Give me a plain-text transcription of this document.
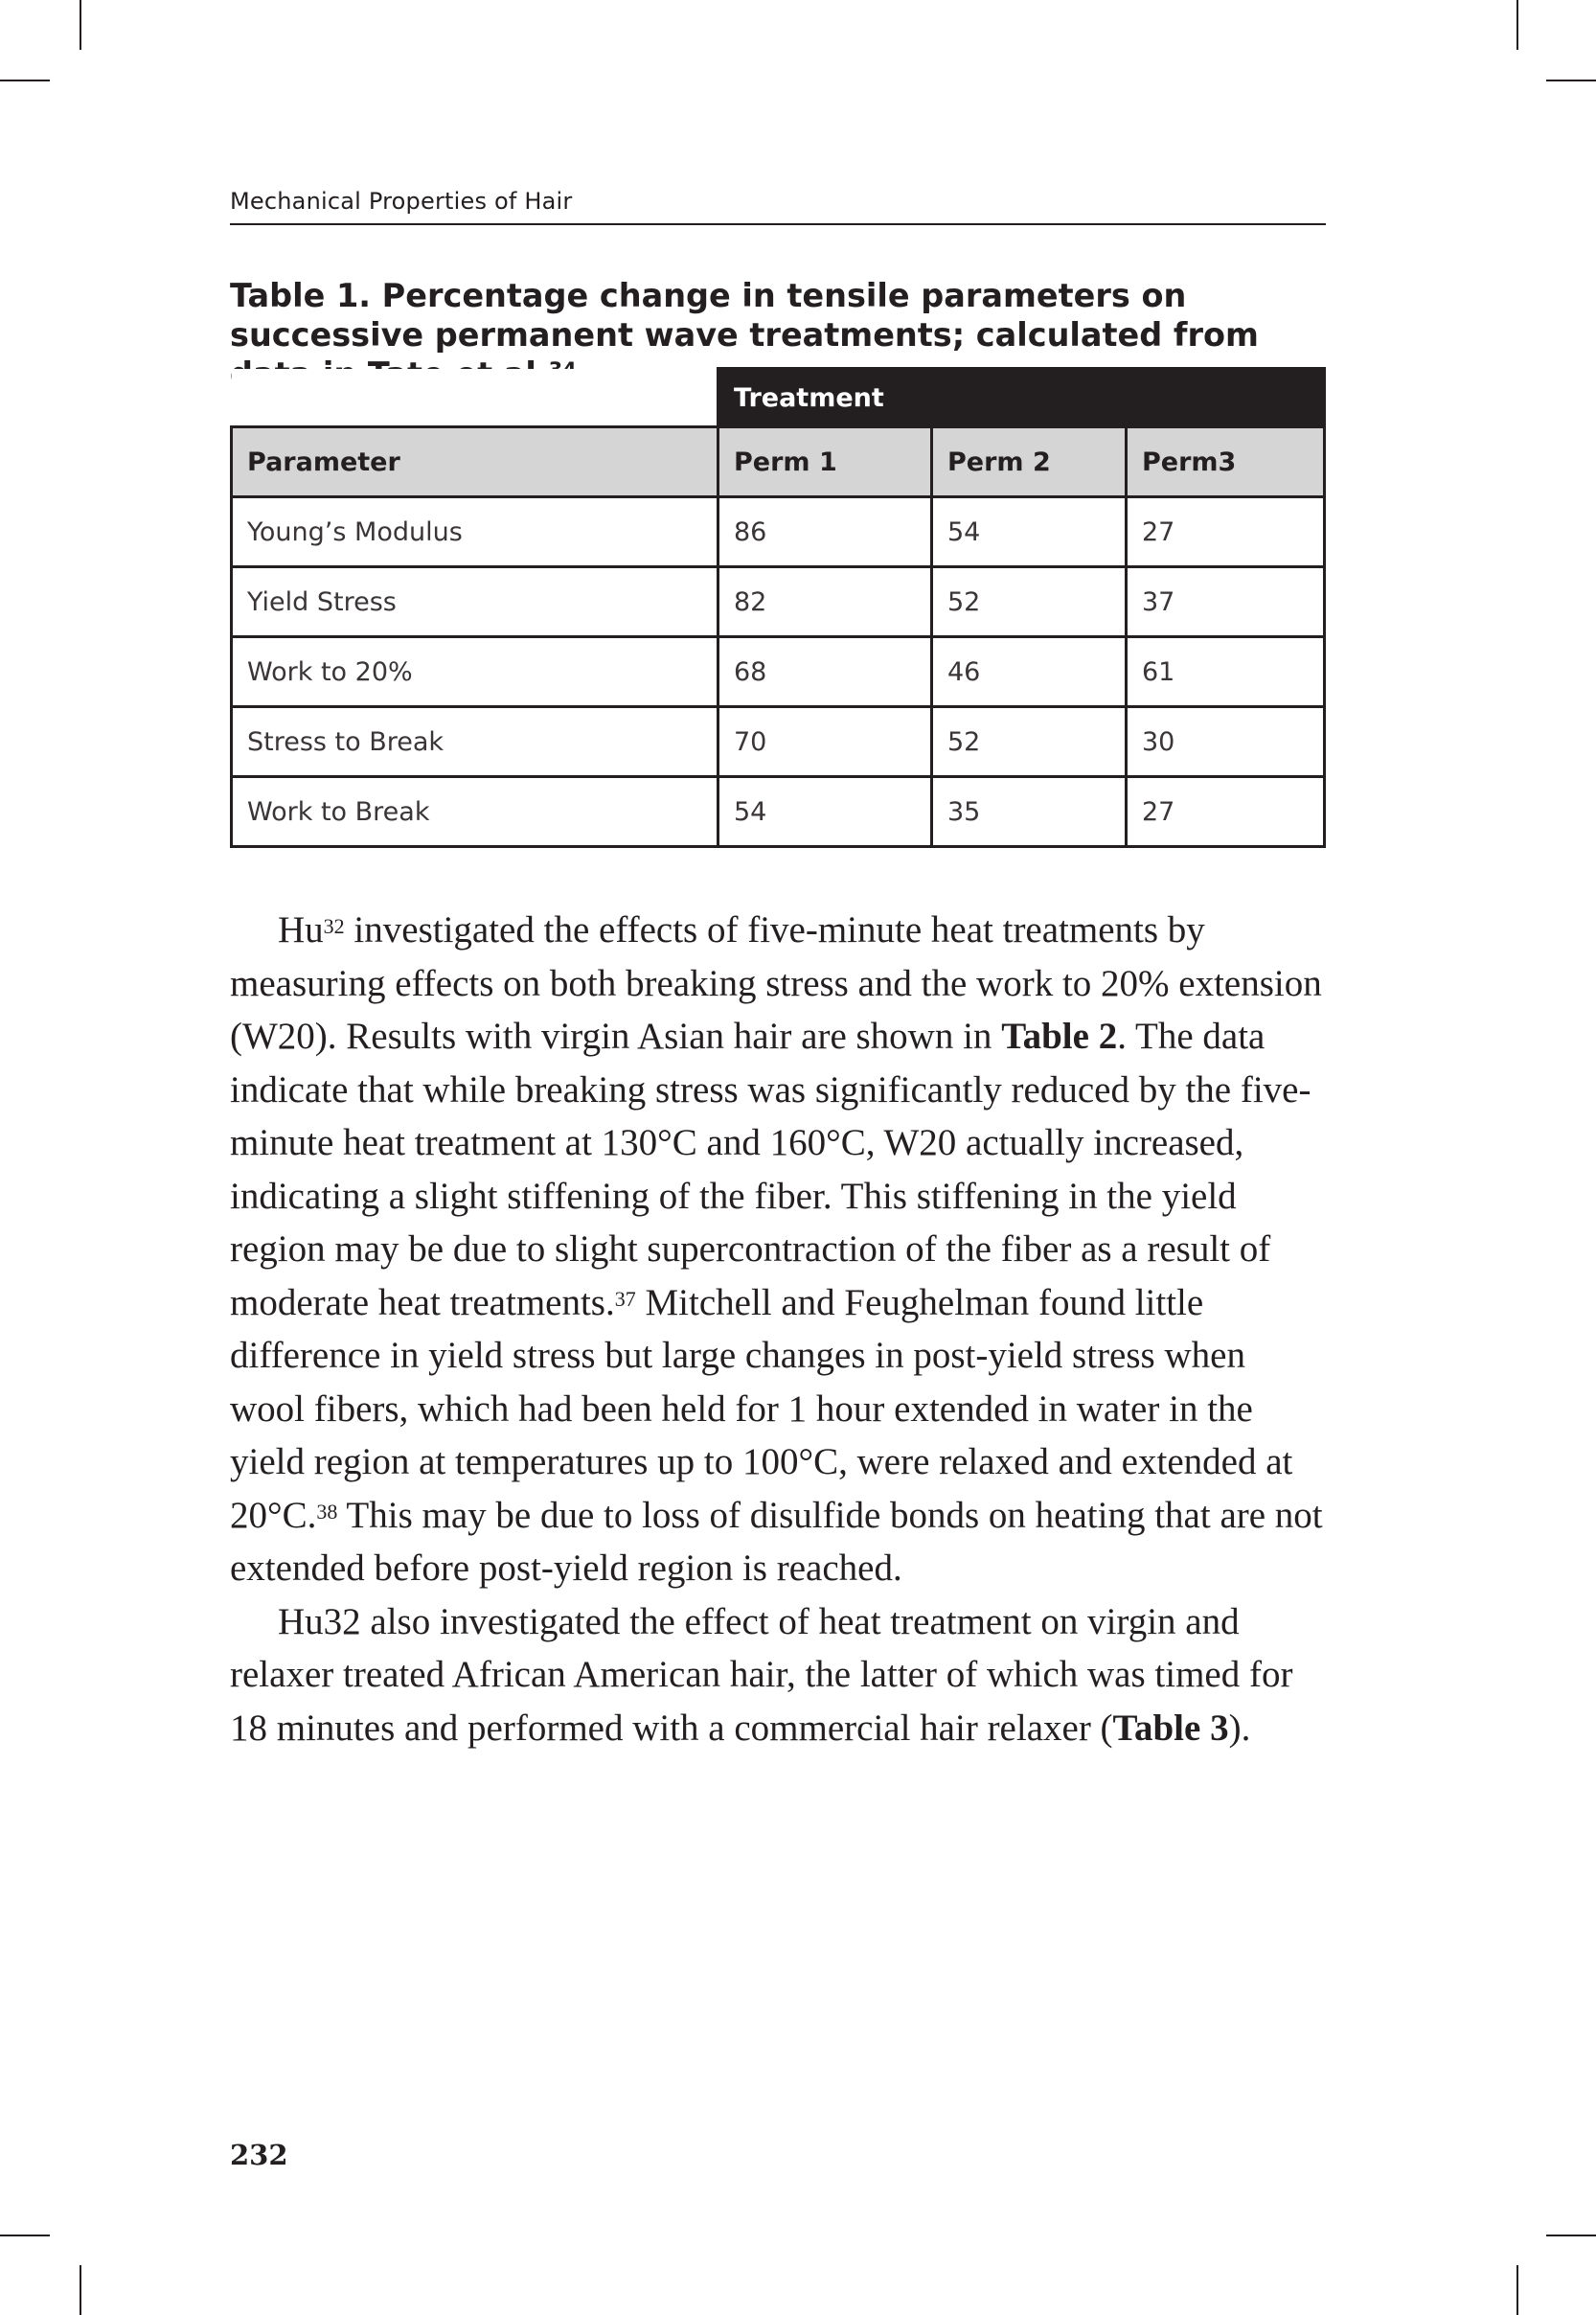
Mechanical Properties of Hair
Table 1. Percentage change in tensile parameters on successive permanent wave treatments; calculated from
	Treatment		
Parameter	Perm 1	Perm 2	Perm3
Young’s Modulus	86	54	27
Yield Stress	82	52	37
Work to 20%	68	46	61
Stress to Break	70	52	30
Work to Break	54	35	27

Hu$^{32}$ investigated the effects of five-minute heat treatments by measuring effects on both breaking stress and the work to 20% extension (W20). Results with virgin Asian hair are shown in Table 2. The data indicate that while breaking stress was significantly reduced by the five-minute heat treatment at 130°C and 160°C, W20 actually increased, indicating a slight stiffening of the fiber. This stiffening in the yield region may be due to slight supercontraction of the fiber as a result of moderate heat treatments.$^{37}$ Mitchell and Feughelman found little difference in yield stress but large changes in post-yield stress when wool fibers, which had been held for 1 hour extended in water in the yield region at temperatures up to 100°C, were relaxed and extended at 20°C.$^{38}$ This may be due to loss of disulfide bonds on heating that are not extended before post-yield region is reached.

Hu32 also investigated the effect of heat treatment on virgin and relaxer treated African American hair, the latter of which was timed for 18 minutes and performed with a commercial hair relaxer (Table 3).

232
